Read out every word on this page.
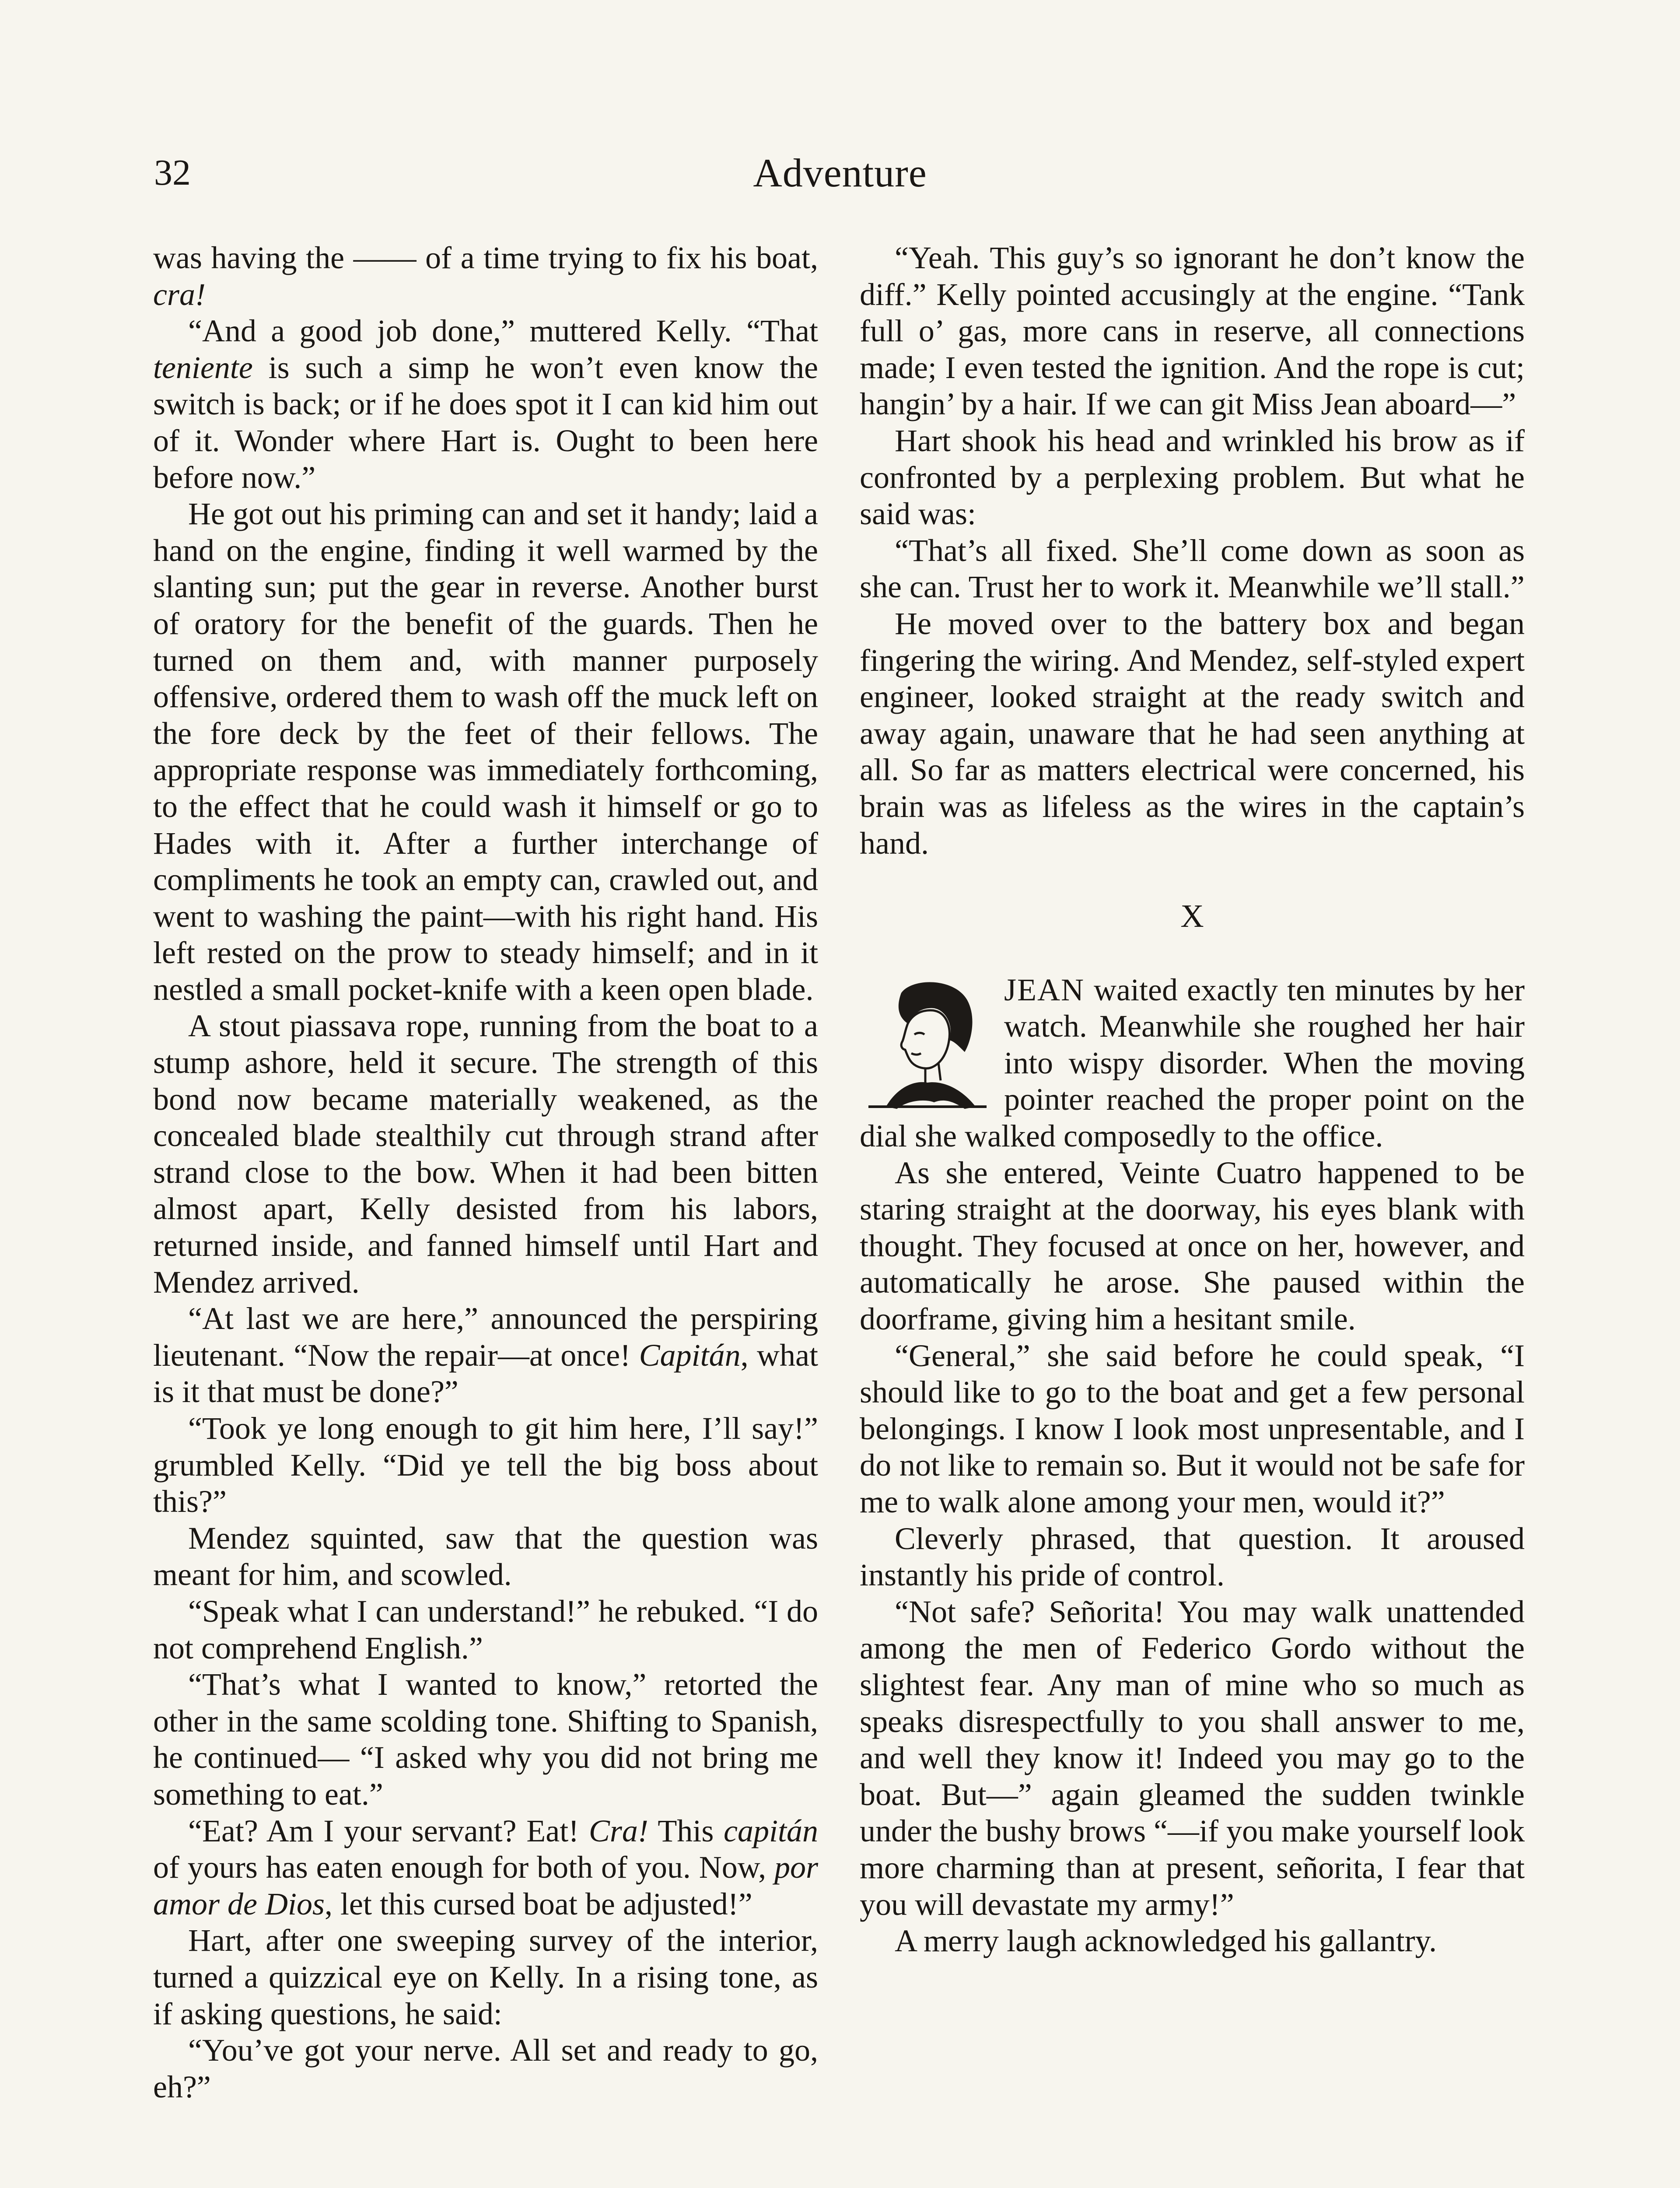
32	Adventure

was having the —— of a time trying to fix his boat, cra!

“And a good job done,” muttered Kelly. “That teniente is such a simp he won’t even know the switch is back; or if he does spot it I can kid him out of it. Wonder where Hart is. Ought to been here before now.”

He got out his priming can and set it handy; laid a hand on the engine, finding it well warmed by the slanting sun; put the gear in reverse. Another burst of oratory for the benefit of the guards. Then he turned on them and, with manner purposely offensive, ordered them to wash off the muck left on the fore deck by the feet of their fellows. The appropriate response was immediately forthcoming, to the effect that he could wash it himself or go to Hades with it. After a further interchange of compliments he took an empty can, crawled out, and went to washing the paint—with his right hand. His left rested on the prow to steady himself; and in it nestled a small pocket-knife with a keen open blade.

A stout piassava rope, running from the boat to a stump ashore, held it secure. The strength of this bond now became materially weakened, as the concealed blade stealthily cut through strand after strand close to the bow. When it had been bitten almost apart, Kelly desisted from his labors, returned inside, and fanned himself until Hart and Mendez arrived.

“At last we are here,” announced the perspiring lieutenant. “Now the repair—at once! Capitán, what is it that must be done?”

“Took ye long enough to git him here, I’ll say!” grumbled Kelly. “Did ye tell the big boss about this?”

Mendez squinted, saw that the question was meant for him, and scowled.

“Speak what I can understand!” he rebuked. “I do not comprehend English.”

“That’s what I wanted to know,” retorted the other in the same scolding tone. Shifting to Spanish, he continued— “I asked why you did not bring me something to eat.”

“Eat? Am I your servant? Eat! Cra! This capitán of yours has eaten enough for both of you. Now, por amor de Dios, let this cursed boat be adjusted!”

Hart, after one sweeping survey of the interior, turned a quizzical eye on Kelly. In a rising tone, as if asking questions, he said:

“You’ve got your nerve. All set and ready to go, eh?”

“Yeah. This guy’s so ignorant he don’t know the diff.” Kelly pointed accusingly at the engine. “Tank full o’ gas, more cans in reserve, all connections made; I even tested the ignition. And the rope is cut; hangin’ by a hair. If we can git Miss Jean aboard—”

Hart shook his head and wrinkled his brow as if confronted by a perplexing problem. But what he said was:

“That’s all fixed. She’ll come down as soon as she can. Trust her to work it. Meanwhile we’ll stall.”

He moved over to the battery box and began fingering the wiring. And Mendez, self-styled expert engineer, looked straight at the ready switch and away again, unaware that he had seen anything at all. So far as matters electrical were concerned, his brain was as lifeless as the wires in the captain’s hand.

X

JEAN waited exactly ten minutes by her watch. Meanwhile she roughed her hair into wispy disorder. When the moving pointer reached the proper point on the dial she walked composedly to the office.

As she entered, Veinte Cuatro happened to be staring straight at the doorway, his eyes blank with thought. They focused at once on her, however, and automatically he arose. She paused within the doorframe, giving him a hesitant smile.

“General,” she said before he could speak, “I should like to go to the boat and get a few personal belongings. I know I look most unpresentable, and I do not like to remain so. But it would not be safe for me to walk alone among your men, would it?”

Cleverly phrased, that question. It aroused instantly his pride of control.

“Not safe? Señorita! You may walk unattended among the men of Federico Gordo without the slightest fear. Any man of mine who so much as speaks disrespectfully to you shall answer to me, and well they know it! Indeed you may go to the boat. But—” again gleamed the sudden twinkle under the bushy brows “—if you make yourself look more charming than at present, señorita, I fear that you will devastate my army!”

A merry laugh acknowledged his gallantry.
